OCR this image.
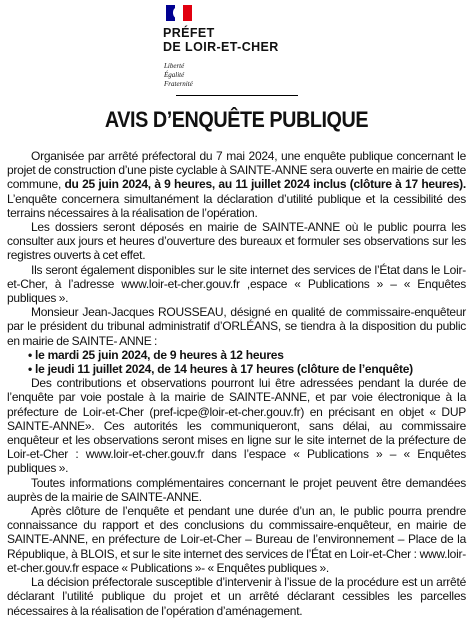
PRÉFET
DE LOIR-ET-CHER
Liberté
Égalité
Fraternité
AVIS D’ENQUÊTE PUBLIQUE

Organisée par arrêté préfectoral du 7 mai 2024, une enquête publique concernant le projet de construction d’une piste cyclable à SAINTE-ANNE sera ouverte en mairie de cette commune, du 25 juin 2024, à 9 heures, au 11 juillet 2024 inclus (clôture à 17 heures). L’enquête concernera simultanément la déclaration d’utilité publique et la cessibilité des terrains nécessaires à la réalisation de l’opération.

Les dossiers seront déposés en mairie de SAINTE-ANNE où le public pourra les consulter aux jours et heures d’ouverture des bureaux et formuler ses observations sur les registres ouverts à cet effet.

Ils seront également disponibles sur le site internet des services de l’État dans le Loir-et-Cher, à l’adresse www.loir-et-cher.gouv.fr ,espace « Publications » – « Enquêtes publiques ».

Monsieur Jean-Jacques ROUSSEAU, désigné en qualité de commissaire-enquêteur par le président du tribunal administratif d’ORLÉANS, se tiendra à la disposition du public en mairie de SAINTE- ANNE :

• le mardi 25 juin 2024, de 9 heures à 12 heures
• le jeudi 11 juillet 2024, de 14 heures à 17 heures (clôture de l’enquête)

Des contributions et observations pourront lui être adressées pendant la durée de l’enquête par voie postale à la mairie de SAINTE-ANNE, et par voie électronique à la préfecture de Loir-et-Cher (pref-icpe@loir-et-cher.gouv.fr) en précisant en objet « DUP SAINTE-ANNE». Ces autorités les communiqueront, sans délai, au commissaire enquêteur et les observations seront mises en ligne sur le site internet de la préfecture de Loir-et-Cher : www.loir-et-cher.gouv.fr dans l’espace « Publications » – « Enquêtes publiques ».

Toutes informations complémentaires concernant le projet peuvent être demandées auprès de la mairie de SAINTE-ANNE.

Après clôture de l’enquête et pendant une durée d’un an, le public pourra prendre connaissance du rapport et des conclusions du commissaire-enquêteur, en mairie de SAINTE-ANNE, en préfecture de Loir-et-Cher – Bureau de l’environnement – Place de la République, à BLOIS, et sur le site internet des services de l’État en Loir-et-Cher : www.loir-et-cher.gouv.fr espace « Publications »- « Enquêtes publiques ».

La décision préfectorale susceptible d’intervenir à l’issue de la procédure est un arrêté déclarant l’utilité publique du projet et un arrêté déclarant cessibles les parcelles nécessaires à la réalisation de l’opération d’aménagement.
